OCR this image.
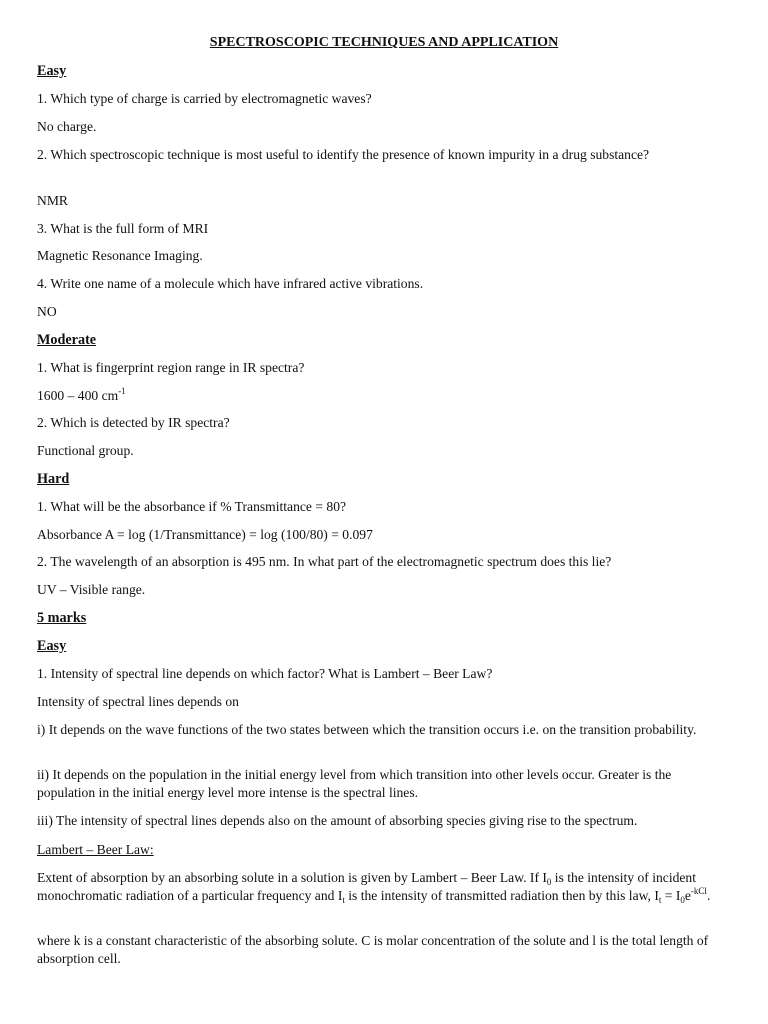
SPECTROSCOPIC TECHNIQUES AND APPLICATION

Easy

1. Which type of charge is carried by electromagnetic waves?

No charge.

2. Which spectroscopic technique is most useful to identify the presence of known impurity in a drug substance?

NMR

3. What is the full form of MRI

Magnetic Resonance Imaging.

4. Write one name of a molecule which have infrared active vibrations.

NO

Moderate

1. What is fingerprint region range in IR spectra?

1600 – 400 $cm^{-1}$

2. Which is detected by IR spectra?

Functional group.

Hard

1. What will be the absorbance if % Transmittance = 80?

Absorbance A = log (1/Transmittance) = log (100/80) = 0.097

2. The wavelength of an absorption is 495 nm. In what part of the electromagnetic spectrum does this lie?

UV – Visible range.

5 marks

Easy

1. Intensity of spectral line depends on which factor? What is Lambert – Beer Law?

Intensity of spectral lines depends on

i) It depends on the wave functions of the two states between which the transition occurs i.e. on the transition probability.

ii) It depends on the population in the initial energy level from which transition into other levels occur. Greater is the population in the initial energy level more intense is the spectral lines.

iii) The intensity of spectral lines depends also on the amount of absorbing species giving rise to the spectrum.

Lambert – Beer Law:

Extent of absorption by an absorbing solute in a solution is given by Lambert – Beer Law. If $I_0$ is the intensity of incident monochromatic radiation of a particular frequency and $I_t$ is the intensity of transmitted radiation then by this law, $I_t = I_0e^{-kCl}$.

where k is a constant characteristic of the absorbing solute. C is molar concentration of the solute and l is the total length of absorption cell.
